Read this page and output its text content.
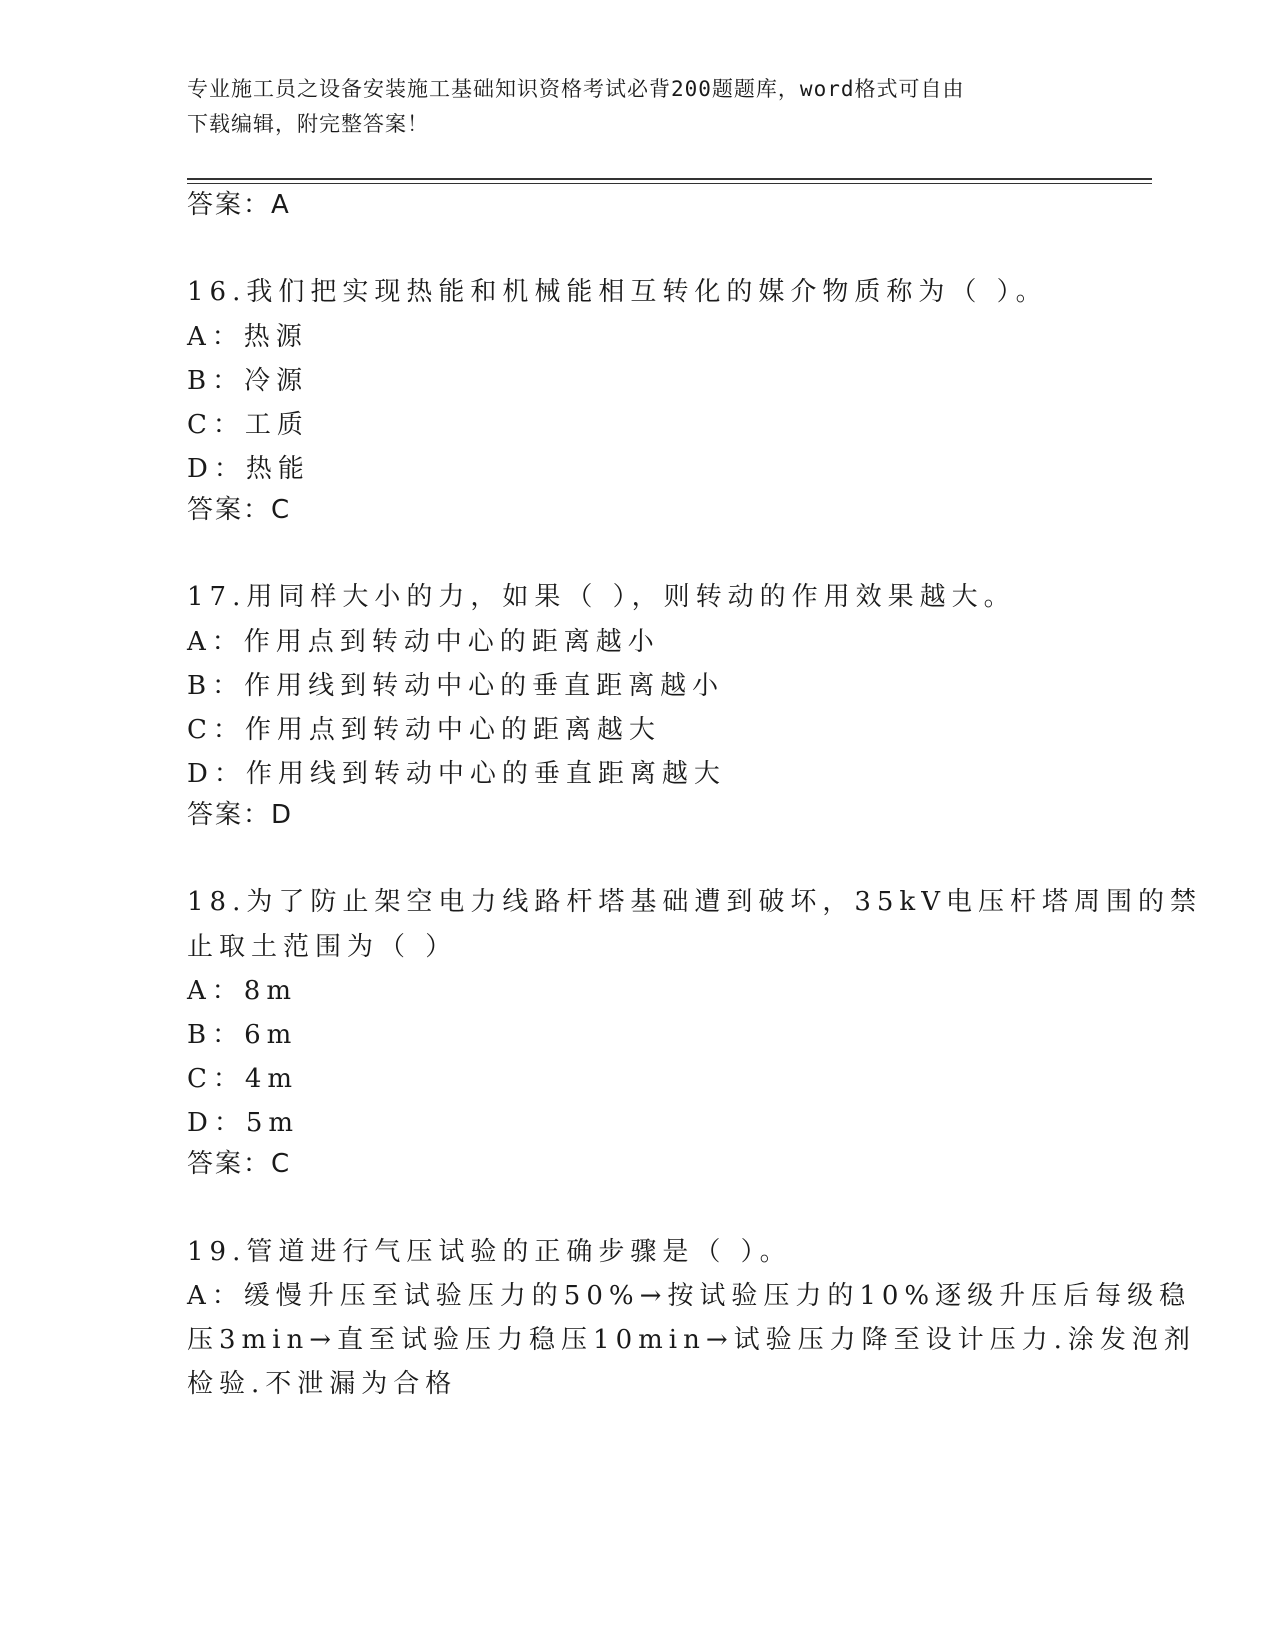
专业施工员之设备安装施工基础知识资格考试必背200题题库，word格式可自由
下载编辑，附完整答案！
答案：A
16.我们把实现热能和机械能相互转化的媒介物质称为（ ）。
A：热源
B：冷源
C：工质
D：热能
答案：C
17.用同样大小的力，如果（ ），则转动的作用效果越大。
A：作用点到转动中心的距离越小
B：作用线到转动中心的垂直距离越小
C：作用点到转动中心的距离越大
D：作用线到转动中心的垂直距离越大
答案：D
18.为了防止架空电力线路杆塔基础遭到破坏，35kV电压杆塔周围的禁
止取土范围为（ ）
A：8m
B：6m
C：4m
D：5m
答案：C
19.管道进行气压试验的正确步骤是（ ）。
A：缓慢升压至试验压力的50%→按试验压力的10%逐级升压后每级稳
压3min→直至试验压力稳压10min→试验压力降至设计压力.涂发泡剂
检验.不泄漏为合格
